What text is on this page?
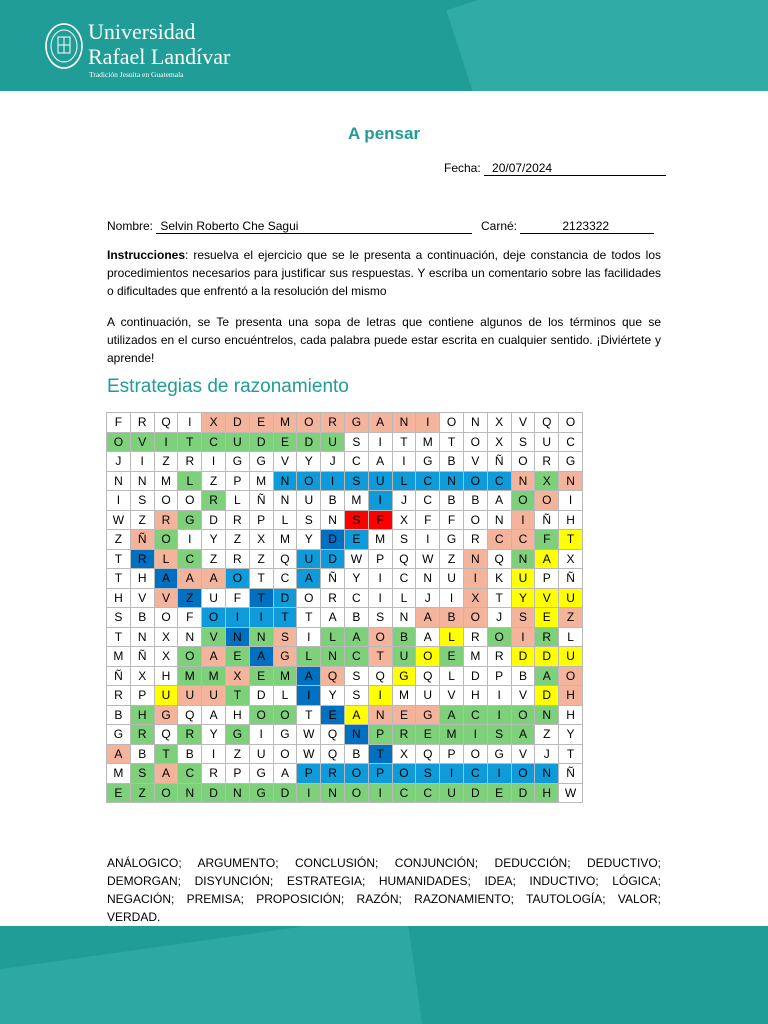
Universidad
Rafael Landívar
Tradición Jesuita en Guatemala
A pensar
Fecha: 20/07/2024
Nombre: Selvin Roberto Che Sagui	Carné:	2123322
Instrucciones: resuelva el ejercicio que se le presenta a continuación, deje constancia de todos los procedimientos necesarios para justificar sus respuestas. Y escriba un comentario sobre las facilidades o dificultades que enfrentó a la resolución del mismo
A continuación, se Te presenta una sopa de letras que contiene algunos de los términos que se utilizados en el curso encuéntrelos, cada palabra puede estar escrita en cualquier sentido. ¡Diviértete y aprende!
Estrategias de razonamiento
F	R	Q	I	X	D	E	M	O	R	G	A	N	I	O	N	X	V	Q	O
O	V	I	T	C	U	D	E	D	U	S	I	T	M	T	O	X	S	U	C
J	I	Z	R	I	G	G	V	Y	J	C	A	I	G	B	V	Ñ	O	R	G
N	N	M	L	Z	P	M	N	O	I	S	U	L	C	N	O	C	N	X	N
I	S	O	O	R	L	Ñ	N	U	B	M	I	J	C	B	B	A	O	O	I
W	Z	R	G	D	R	P	L	S	N	S	F	X	F	F	O	N	I	Ñ	H
Z	Ñ	O	I	Y	Z	X	M	Y	D	E	M	S	I	G	R	C	C	F	T
T	R	L	C	Z	R	Z	Q	U	D	W	P	Q	W	Z	N	Q	N	A	X
T	H	A	A	A	O	T	C	A	Ñ	Y	I	C	N	U	I	K	U	P	Ñ
H	V	V	Z	U	F	T	D	O	R	C	I	L	J	I	X	T	Y	V	U
S	B	O	F	O	I	I	T	T	A	B	S	N	A	B	O	J	S	E	Z
T	N	X	N	V	N	N	S	I	L	A	O	B	A	L	R	O	I	R	L
M	Ñ	X	O	A	E	A	G	L	N	C	T	U	O	E	M	R	D	D	U
Ñ	X	H	M	M	X	E	M	A	Q	S	Q	G	Q	L	D	P	B	A	O
R	P	U	U	U	T	D	L	I	Y	S	I	M	U	V	H	I	V	D	H
B	H	G	Q	A	H	O	O	T	E	A	N	E	G	A	C	I	O	N	H
G	R	Q	R	Y	G	I	G	W	Q	N	P	R	E	M	I	S	A	Z	Y
A	B	T	B	I	Z	U	O	W	Q	B	T	X	Q	P	O	G	V	J	T
M	S	A	C	R	P	G	A	P	R	O	P	O	S	I	C	I	O	N	Ñ
E	Z	O	N	D	N	G	D	I	N	O	I	C	C	U	D	E	D	H	W
ANÁLOGICO; ARGUMENTO; CONCLUSIÓN; CONJUNCIÓN; DEDUCCIÓN; DEDUCTIVO; DEMORGAN; DISYUNCIÓN; ESTRATEGIA; HUMANIDADES; IDEA; INDUCTIVO; LÓGICA; NEGACIÓN; PREMISA; PROPOSICIÓN; RAZÓN; RAZONAMIENTO; TAUTOLOGÍA; VALOR; VERDAD.
